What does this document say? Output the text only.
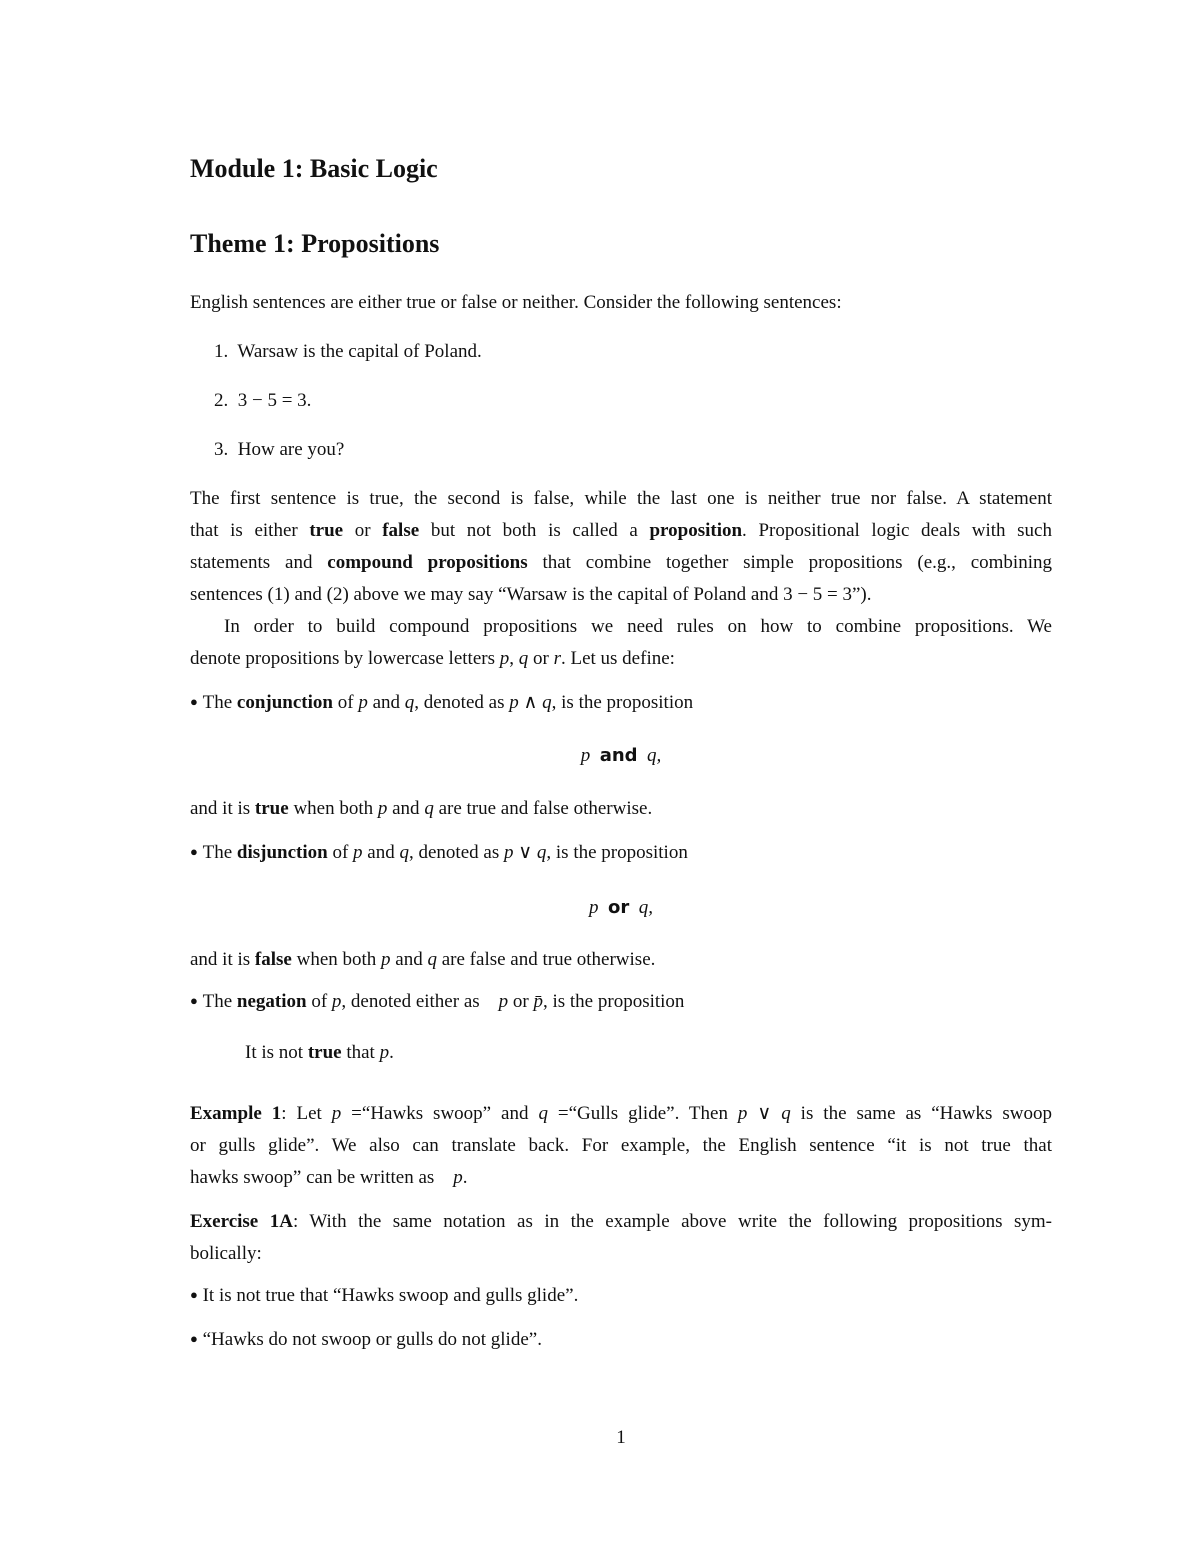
Module 1: Basic Logic
Theme 1: Propositions
English sentences are either true or false or neither. Consider the following sentences:
1. Warsaw is the capital of Poland.
2. 3 − 5 = 3.
3. How are you?
The first sentence is true, the second is false, while the last one is neither true nor false. A statement
that is either true or false but not both is called a proposition. Propositional logic deals with such
statements and compound propositions that combine together simple propositions (e.g., combining
sentences (1) and (2) above we may say “Warsaw is the capital of Poland and 3 − 5 = 3”).
In order to build compound propositions we need rules on how to combine propositions. We
denote propositions by lowercase letters p, q or r. Let us define:
● The conjunction of p and q, denoted as p ∧ q, is the proposition
p and q,
and it is true when both p and q are true and false otherwise.
● The disjunction of p and q, denoted as p ∨ q, is the proposition
p or q,
and it is false when both p and q are false and true otherwise.
● The negation of p, denoted either as    p or p̄, is the proposition
It is not true that p.
Example 1: Let p =“Hawks swoop” and q =“Gulls glide”. Then p ∨ q is the same as “Hawks swoop
or gulls glide”. We also can translate back. For example, the English sentence “it is not true that
hawks swoop” can be written as    p.
Exercise 1A: With the same notation as in the example above write the following propositions sym-
bolically:
● It is not true that “Hawks swoop and gulls glide”.
● “Hawks do not swoop or gulls do not glide”.
1
